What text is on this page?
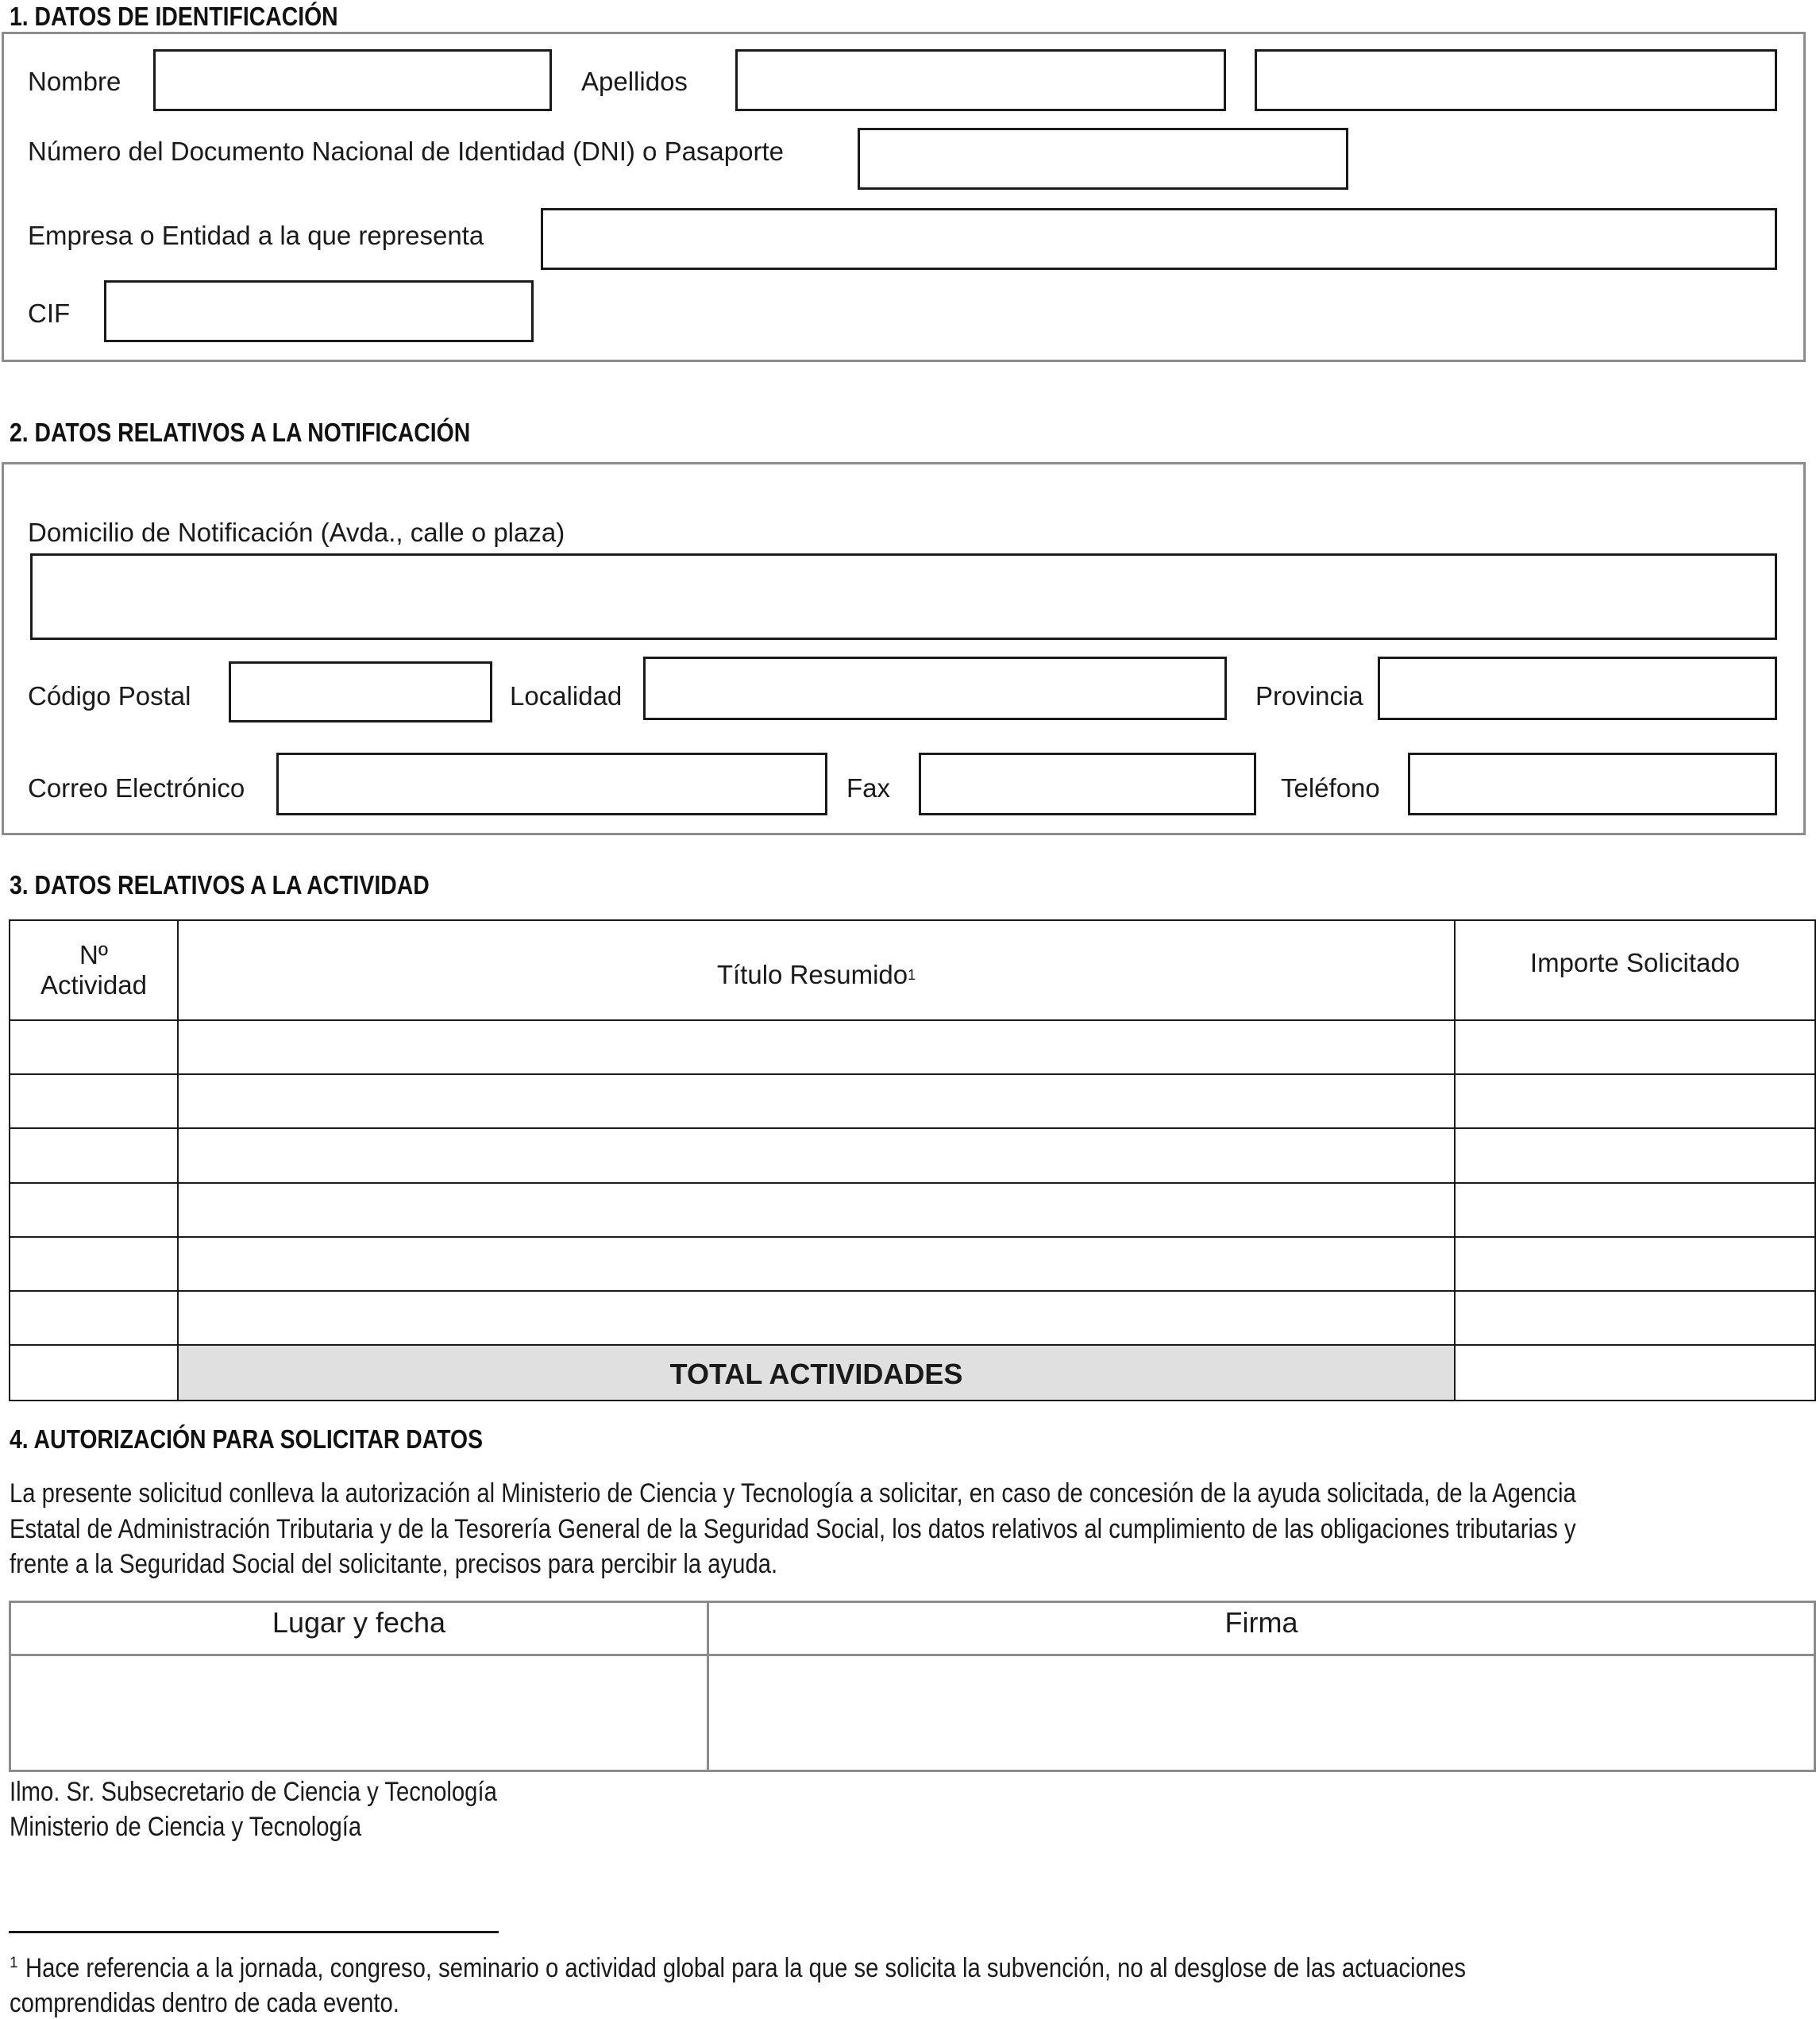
1. DATOS DE IDENTIFICACIÓN
Nombre	Apellidos
Número del Documento Nacional de Identidad (DNI) o Pasaporte
Empresa o Entidad a la que representa
CIF
2. DATOS RELATIVOS A LA NOTIFICACIÓN
Domicilio de Notificación (Avda., calle o plaza)
Código Postal	Localidad	Provincia
Correo Electrónico	Fax	Teléfono
3. DATOS RELATIVOS A LA ACTIVIDAD
Nº
Actividad	Título Resumido 1	Importe Solicitado
TOTAL ACTIVIDADES
4. AUTORIZACIÓN PARA SOLICITAR DATOS
La presente solicitud conlleva la autorización al Ministerio de Ciencia y Tecnología a solicitar, en caso de concesión de la ayuda solicitada, de la Agencia
Estatal de Administración Tributaria y de la Tesorería General de la Seguridad Social, los datos relativos al cumplimiento de las obligaciones tributarias y
frente a la Seguridad Social del solicitante, precisos para percibir la ayuda.
Lugar y fecha	Firma
Ilmo. Sr. Subsecretario de Ciencia y Tecnología
Ministerio de Ciencia y Tecnología
1 Hace referencia a la jornada, congreso, seminario o actividad global para la que se solicita la subvención, no al desglose de las actuaciones
comprendidas dentro de cada evento.
